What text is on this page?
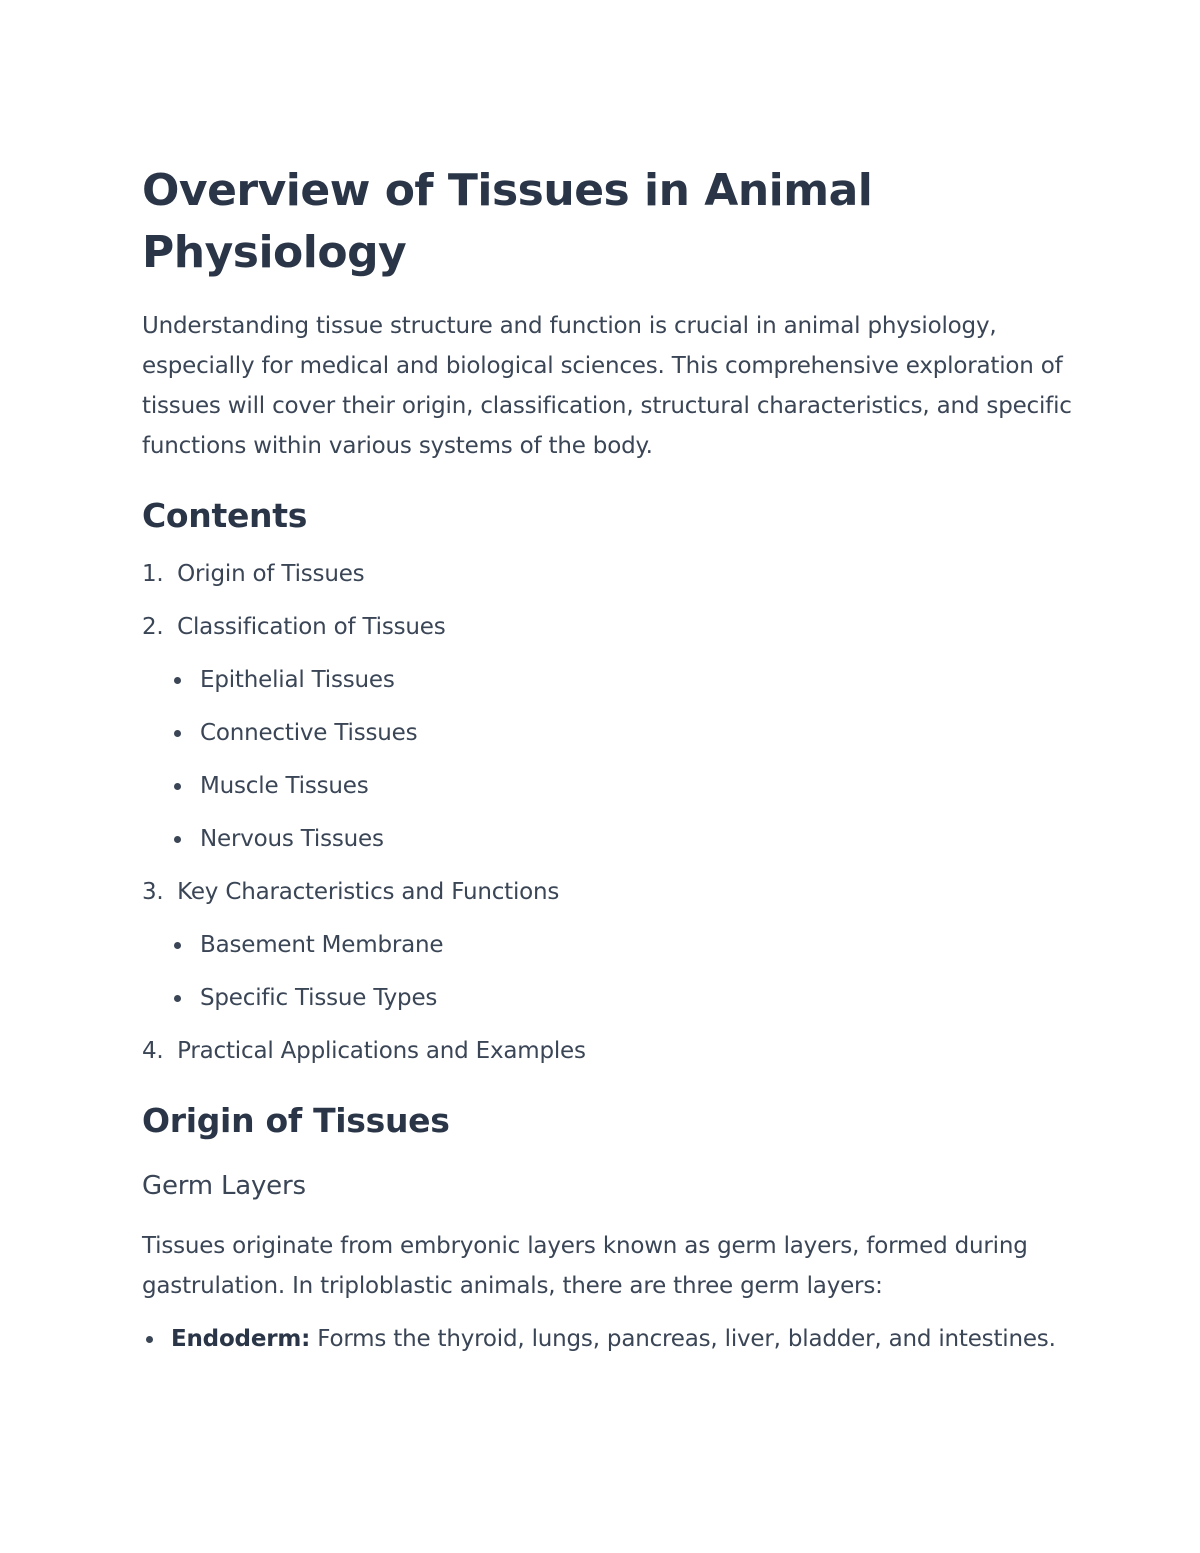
Overview of Tissues in Animal Physiology

Understanding tissue structure and function is crucial in animal physiology, especially for medical and biological sciences. This comprehensive exploration of tissues will cover their origin, classification, structural characteristics, and specific functions within various systems of the body.

Contents
1. Origin of Tissues
2. Classification of Tissues
Epithelial Tissues
Connective Tissues
Muscle Tissues
Nervous Tissues
3. Key Characteristics and Functions
Basement Membrane
Specific Tissue Types
4. Practical Applications and Examples
Origin of Tissues
Germ Layers

Tissues originate from embryonic layers known as germ layers, formed during gastrulation. In triploblastic animals, there are three germ layers:

Endoderm: Forms the thyroid, lungs, pancreas, liver, bladder, and intestines.
